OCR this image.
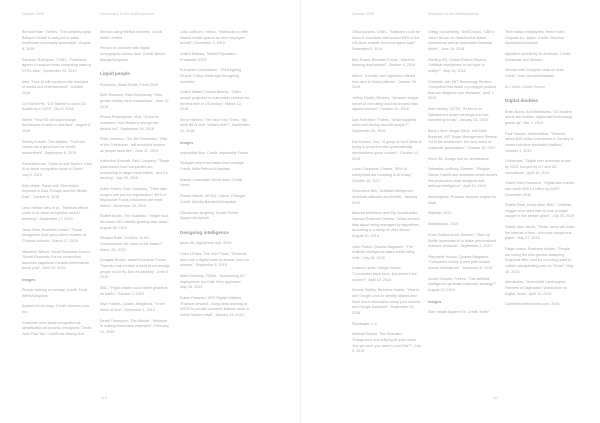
Dossier 2030	Democracy in the Anthropocene	Dossier 2030	Weapons in the Anthropocene

Bernard Marr, Forbes, "The amazing ways Babylon Health is using AI to make healthcare universally accessible", August 8, 2018

Salvador Rodriguez, CNBC, "Facebook agrees to acquire brain-computing start-up CTRL-labs", September 23, 2019

Intel, "How AI will transform the business of media and entertainment", October 2018

DJI World Pte, "DJI Takeoff to open DJI Academy in 2020", Dec 6, 2018

Wired, "How 5G will supercharge businesses to work in real time", August 8, 2019

Sidney Fussell, The Atlantic, "YouTube videos are a good time for health researchers", September 6, 2019

Parbeesh.com, "Arbor to add Baidu's Xiaoi AI to facial recognition kiosk in China", July 5, 2019

Seth Wilde, Panel with "Biometrics explored in Asia, Europe and the Middle East", October 8, 2019

Leon Nelson Ideu et al., "Network effects come to AI facial recognition and AI tweeting", September 17, 2019

Jaron Reid, Business Insider, "Facial recognition finds grey-haired readers at Chinese schools", March 27, 2019

Madeline Wilson, World Economic Forum, "World Economic Forum consortium launches paperless Canada-Netherlands travel pilot", June 26, 2019

Images

People walking on runway. Credit: Scott Webb/Unsplash

Amazon Echo rings. Credit: Amazon.com, Inc.

Customer uses facial recognition as identification at security checkpoint. Credit: John Paul Tan / JinkShots-Newsy Hub

Woman using Welbot hololens. Credit: Welbi Limited

Person of unknown with digital iconographic across face. Credit: Bence Balogh/Unsplash

Liquid people

Functions, Black Eddie, Fresh 2019

Beth Rowland, Raw Dishonesty, "How gender fluidity went mainstream", June 12, 2019

Rhana Rosengreen, Vice, "A slot for everyone: How Britain's new gender neutral toll", September 26, 2018

Peter Johnson, The 4th Dimension, "Rise of the Freelancer - will emotions surface as people seek flex", June 11, 2019

Katherine Schwab, Fast Company, "These plant-based food companies are scrambling to target meat eaters - and it's working", July 25, 2019

Adele Peters, Fast Company, "Think fake burgers are just for vegetarians? 95% of Impossible Foods customers are meat eaters", November 18, 2019

Robert Booth, The Guardian, "Vegan food becomes UK's fastest growing take-away", August 28, 2019

Richard Rolfe, YouGov, "Is the Humanisation the dawn of the brand?", March 26, 2019

Douglas Broom, World Economic Forum, "Sweden has created a word to encourage people not to fly. And it's working", June 5, 2019

BBC, "Flight shame could halve growth in air traffic", October 2, 2019

Wye Futures, Quartz, Megatons, "In the name of love", December 1, 2013

Derek Thompson, The Atlantic, "Workism is making Americans miserable", February 24, 2019

Julia LaRoche, Yahoo, "Starbucks to offer shared health spaces as new employee benefit", December 3, 2019

United Nations, "World Population Prospects 2019"

European Commission, "2018 Ageing Report: Policy challenges for ageing societies"

United States Census Bureau, "Older people projected to outnumber children for the first time in US history", March 13, 2018

Kerry Hannon, The New York Times, "My work life is over. What's next?", September 12, 2018

Images

Impossible Box. Credit: Impossible Foods

Stuttgart view from inside tram carriage. Credit: Mika Petrovic/Unsplash

Market Lovecaster World dolls. Credit: Hanoi

Flower Hands, WHSQ, Lisbon, Portugal. Credit: Monika Baudisch/Unsplash

Old woman laughing. Credit: Hunter Nguyen/Unsplash

Designing intelligence

Ipsos Kit, Algorithmic eye, 2019

Clara O'Hara, The Irish Times, "Revenue turns into a digital brain to answer your tax queries", September 6, 2018

Mark Kennedy, ZDNet, "Announcing IoT deployment: the Kate Hour approach", May 16, 2019

Edwin Pasanen, HEC Digital Initiative, "Fashion forward - using deep learning at ASOS to predict customer lifetime value in online fashion retail", January 13, 2019

Olivia Achana, CNBC, "Software could be down in machines that control 80% of the US stock market, fund managers says", December 5, 2018

Ben Evans, Benedict Evans, "Machine learning deployment", October 4, 2018

Wired, "A health care algorithm offered less care to black patients", October 25, 2019

Jeffrey Dastin, Reuters, "Amazon scraps secret AI recruiting tool that showed bias against women", October 10, 2018

Dan Schreiber, Forbes, "What happens when self-driving cars kill people?", September 26, 2019

Kai Korsmo, Vox, "A group of YouTubers is trying to prove the site systematically demonetizes queer content", October 10, 2019

Louis Columbus, Forbes, "80% of enterprises are investing in AI today", October 16, 2017

Genevieve Bell, "Artificial intelligence: Americas attitudes and trends", January 2019

Mascha Mühlheim and Elly Voudouklaki, Harvard Business Review, "What would it take about being managed by algorithms, according to a study of Uber drivers", August 20, 2019

John Pavlus, Quanta Magazine, "The Artificial Intelligence takes inside living cells", July 26, 2018

Cosima Liptak, Design Voices, "Convenient have tools, but where's the source?", April 18, 2018

Dennis Steffey, Business Insider, "How to use Google Lens to identify objects and learn more information using your camera and Google Assistant", September 20, 2018

Pluralsight, n.d.

Miranda Bryant, The Guardian, "Instagram's anti-bullying AI asks users: 'Are you sure you want to post this?'", July 9, 2019

Gregg Schoenberg, TechCrunch, "UBS's Jason Brown on Mascha first dialed interactions and an automated financial future", June 18, 2018

Sterling HQ, Global Fintech Review, "Artificial intelligence is not hype or reality?", May 10, 2018

Charlotte Jee, MIT Technology Review, "DeepMind has made a prototype product that can diagnose eye diseases", April 1, 2019

Max Hartley, CGTN, "AI sits in on Salesforce's board meetings and has something to say", January 24, 2018

Barry Libert, Megan Beck, and Mark Bonchek, MIT Sloan Management Review, "AI in the boardroom: the next realm of corporate governance", October 19, 2017

Finch 3D, Design tool for architecture

Sebastian Anthony, Dezeen, "Philippe Starck, Kartell and Autodesk unveil world's first production chair designed with artificial intelligence", April 10, 2019

Metrologistic, Produce decision engine for retail

Stylelab, 2019

Montassona, 2019

Khoe Gabina Azad, Dezeen, "Start-up Noffie harnesses AI to make personalised skincare products", September 3, 2019

Stephanie Hutson, Quanta Magazine, "Computers evolve a new path toward human intelligence", November 6, 2019

Daniel Shapiro, Forbes, "Can artificial intelligence generate corporate strategy?", August 19, 2019

Images

Skin Health System Kit. Credit: Noffie

Tech station employees, Henn Hotel, Chiyoda-ku, Japan. Credit: Veronica Apostolou/Unsplash

Alphafine and BioIQ AI aesthetic. Credit: Dreamlike and Woosol

Woman with hologram data on wrist. Credit: Juan Heuttuf/Unsplash

A.I. Uhler. Credit: Kernel

Digital doubles

Brian Burns, ArchiTechtures, "3D modern drone and textiles: digital twin technology grows up", Mar 1, 2019

Paul Sawers, VentureBeat, "Twinned raises $40 million investment in Bentley to create real-time simulated realities", October 1, 2019

Cb'blunder, "Digital twin revenues to rise by 2023, buoyed by IoT and 5G innovations", April 15, 2019

Grand View Research, "Digital twin market size worth $35.12 billion by 2025", December 2019

Shafal Shah, Kerry Allen, BBC, "Chinese vlogger who used filter to look younger caught in live-stream glitch", July 30, 2019

Safeld Jack Jacob, "Tinder users will make the internet a freer - but more dangerous - place", May 27, 2019

Paige Leskin, Business Insider, "People are losing the new gender-swapping Snapchat filter, and it's not being used to catfish unsuspecting men on Tinder", May 16, 2019

Wardsolum, "Automobili Lamborghini - Partners of Digimaster. Wardsolum on Digital Twins", April 11, 2019

Carmenrockefulunnas.com, 2019

110	111
